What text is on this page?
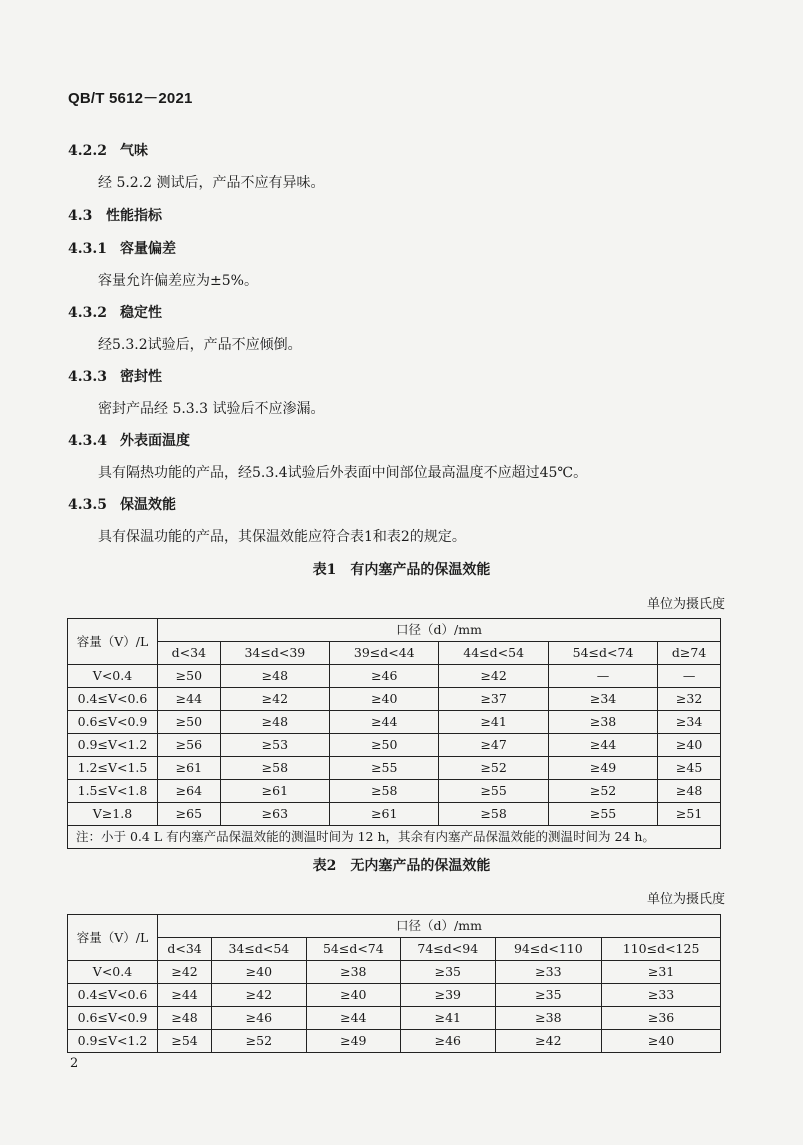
QB/T 5612－2021
4.2.2 气味
经 5.2.2 测试后，产品不应有异味。
4.3 性能指标
4.3.1 容量偏差
容量允许偏差应为±5%。
4.3.2 稳定性
经5.3.2试验后，产品不应倾倒。
4.3.3 密封性
密封产品经 5.3.3 试验后不应渗漏。
4.3.4 外表面温度
具有隔热功能的产品，经5.3.4试验后外表面中间部位最高温度不应超过45℃。
4.3.5 保温效能
具有保温功能的产品，其保温效能应符合表1和表2的规定。
表1　有内塞产品的保温效能
单位为摄氏度
容量（V）/L	口径（d）/mm					
	d<34	34≤d<39	39≤d<44	44≤d<54	54≤d<74	d≥74
V<0.4	≥50	≥48	≥46	≥42	—	—
0.4≤V<0.6	≥44	≥42	≥40	≥37	≥34	≥32
0.6≤V<0.9	≥50	≥48	≥44	≥41	≥38	≥34
0.9≤V<1.2	≥56	≥53	≥50	≥47	≥44	≥40
1.2≤V<1.5	≥61	≥58	≥55	≥52	≥49	≥45
1.5≤V<1.8	≥64	≥61	≥58	≥55	≥52	≥48
V≥1.8	≥65	≥63	≥61	≥58	≥55	≥51
注：小于 0.4 L 有内塞产品保温效能的测温时间为 12 h，其余有内塞产品保温效能的测温时间为 24 h。						
表2　无内塞产品的保温效能
单位为摄氏度
容量（V）/L	口径（d）/mm					
	d<34	34≤d<54	54≤d<74	74≤d<94	94≤d<110	110≤d<125
V<0.4	≥42	≥40	≥38	≥35	≥33	≥31
0.4≤V<0.6	≥44	≥42	≥40	≥39	≥35	≥33
0.6≤V<0.9	≥48	≥46	≥44	≥41	≥38	≥36
0.9≤V<1.2	≥54	≥52	≥49	≥46	≥42	≥40
2
